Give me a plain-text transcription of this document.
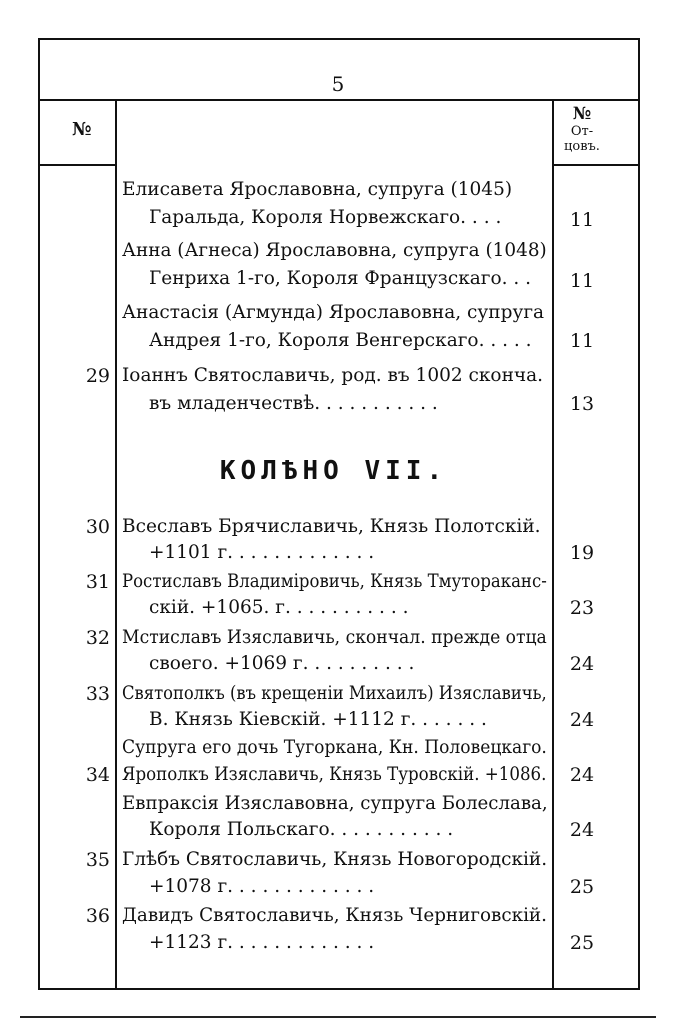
5
№
№
От-
цовъ.
КОЛѢНО VII.
Елисавета Ярославовна, супруга (1045)
Гаральда, Короля Норвежскаго. . . .	11
Анна (Агнеса) Ярославовна, супруга (1048)
Генриха 1-го, Короля Французскаго. . .	11
Анастасія (Агмунда) Ярославовна, супруга
Андрея 1-го, Короля Венгерскаго. . . . .	11
29 Іоаннъ Святославичь, род. въ 1002 сконча.
въ младенчествѣ. . . . . . . . . . .	13
30 Всеславъ Брячиславичь, Князь Полотскій.
+1101 г. . . . . . . . . . . . .	19
31 Ростиславъ Владиміровичь, Князь Тмутораканс-
скій. +1065. г. . . . . . . . . . .	23
32 Мстиславъ Изяславичь, скончал. прежде отца
своего. +1069 г. . . . . . . . . .	24
33 Святополкъ (въ крещеніи Михаилъ) Изяславичь,
В. Князь Кіевскій. +1112 г. . . . . . .	24
Супруга его дочь Тугоркана, Кн. Половецкаго.
34 Ярополкъ Изяславичь, Князь Туровскій. +1086.	24
Евпраксія Изяславовна, супруга Болеслава,
Короля Польскаго. . . . . . . . . . .	24
35 Глѣбъ Святославичь, Князь Новогородскій.
+1078 г. . . . . . . . . . . . .	25
36 Давидъ Святославичь, Князь Черниговскій.
+1123 г. . . . . . . . . . . . .	25
